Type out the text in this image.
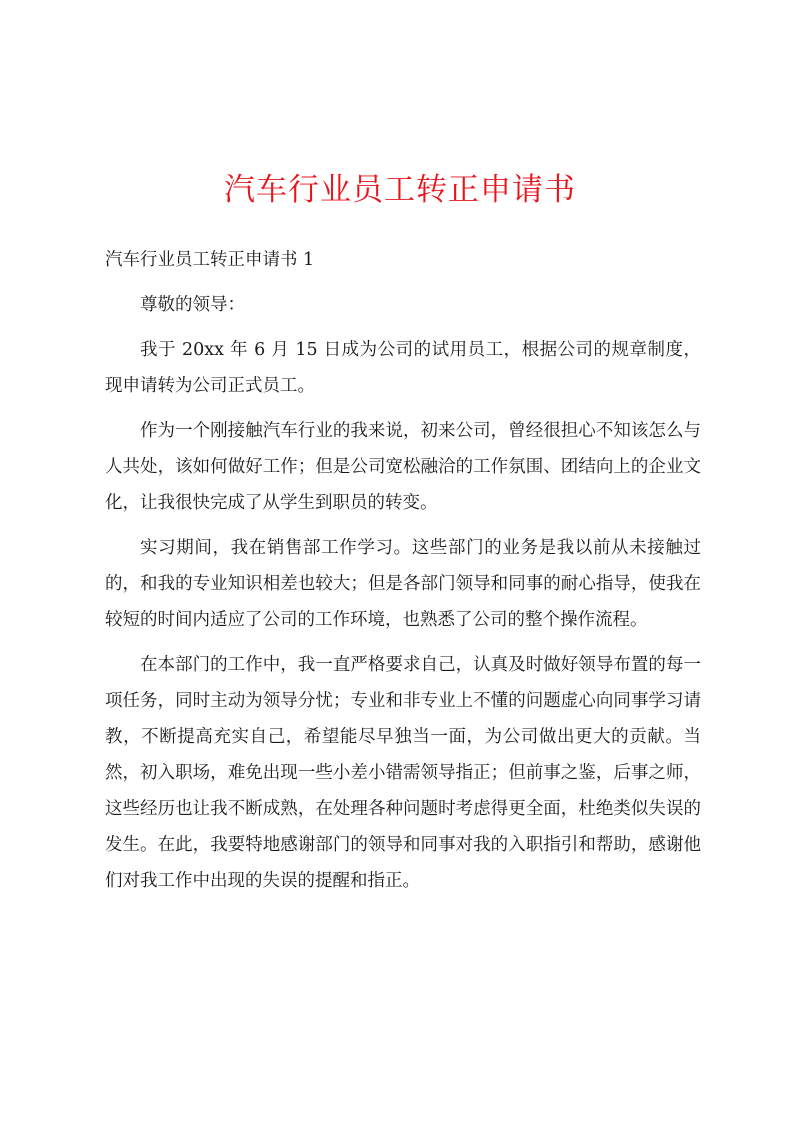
汽车行业员工转正申请书

汽车行业员工转正申请书 1

尊敬的领导：

我于 20xx 年 6 月 15 日成为公司的试用员工，根据公司的规章制度，现申请转为公司正式员工。

作为一个刚接触汽车行业的我来说，初来公司，曾经很担心不知该怎么与人共处，该如何做好工作；但是公司宽松融洽的工作氛围、团结向上的企业文化，让我很快完成了从学生到职员的转变。

实习期间，我在销售部工作学习。这些部门的业务是我以前从未接触过的，和我的专业知识相差也较大；但是各部门领导和同事的耐心指导，使我在较短的时间内适应了公司的工作环境，也熟悉了公司的整个操作流程。

在本部门的工作中，我一直严格要求自己，认真及时做好领导布置的每一项任务，同时主动为领导分忧；专业和非专业上不懂的问题虚心向同事学习请教，不断提高充实自己，希望能尽早独当一面，为公司做出更大的贡献。当然，初入职场，难免出现一些小差小错需领导指正；但前事之鉴，后事之师，这些经历也让我不断成熟，在处理各种问题时考虑得更全面，杜绝类似失误的发生。在此，我要特地感谢部门的领导和同事对我的入职指引和帮助，感谢他们对我工作中出现的失误的提醒和指正。
